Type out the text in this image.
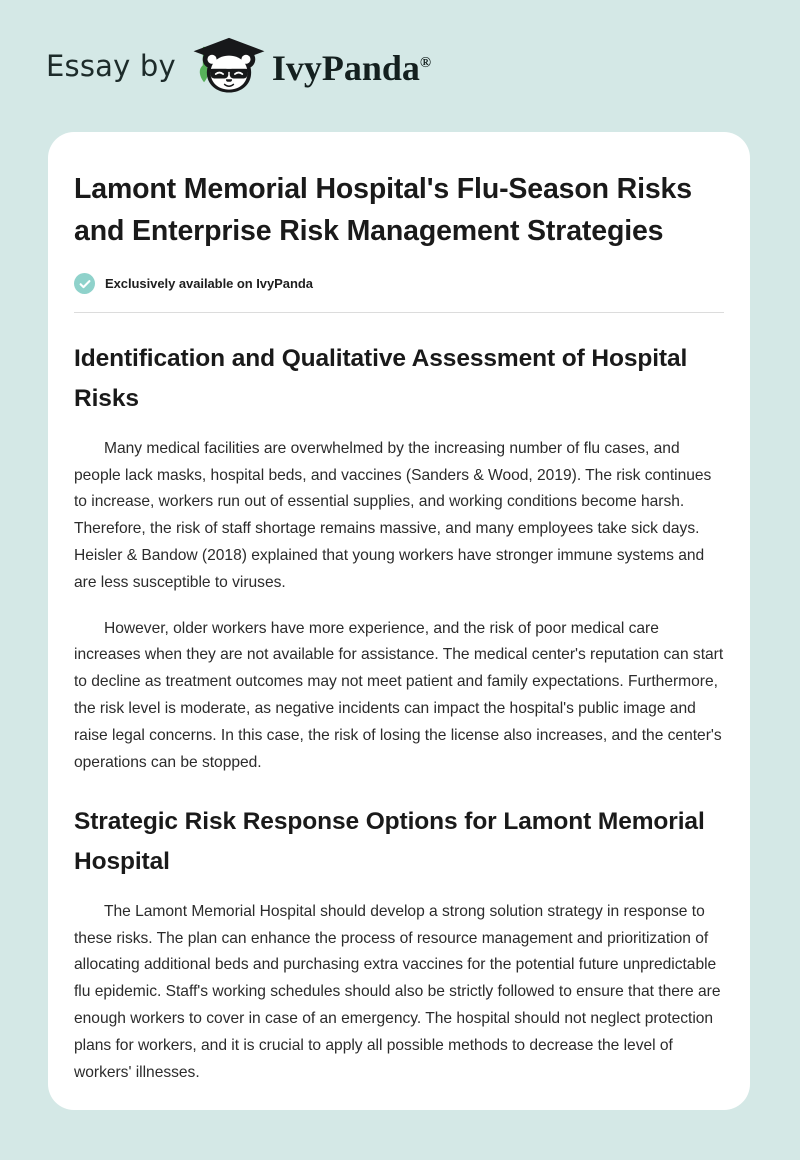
Essay by	IvyPanda®
Lamont Memorial Hospital's Flu-Season Risks and Enterprise Risk Management Strategies
Exclusively available on IvyPanda
Identification and Qualitative Assessment of Hospital Risks

Many medical facilities are overwhelmed by the increasing number of flu cases, and people lack masks, hospital beds, and vaccines (Sanders & Wood, 2019). The risk continues to increase, workers run out of essential supplies, and working conditions become harsh. Therefore, the risk of staff shortage remains massive, and many employees take sick days. Heisler & Bandow (2018) explained that young workers have stronger immune systems and are less susceptible to viruses.

However, older workers have more experience, and the risk of poor medical care increases when they are not available for assistance. The medical center's reputation can start to decline as treatment outcomes may not meet patient and family expectations. Furthermore, the risk level is moderate, as negative incidents can impact the hospital's public image and raise legal concerns. In this case, the risk of losing the license also increases, and the center's operations can be stopped.

Strategic Risk Response Options for Lamont Memorial Hospital

The Lamont Memorial Hospital should develop a strong solution strategy in response to these risks. The plan can enhance the process of resource management and prioritization of allocating additional beds and purchasing extra vaccines for the potential future unpredictable flu epidemic. Staff's working schedules should also be strictly followed to ensure that there are enough workers to cover in case of an emergency. The hospital should not neglect protection plans for workers, and it is crucial to apply all possible methods to decrease the level of workers' illnesses.
